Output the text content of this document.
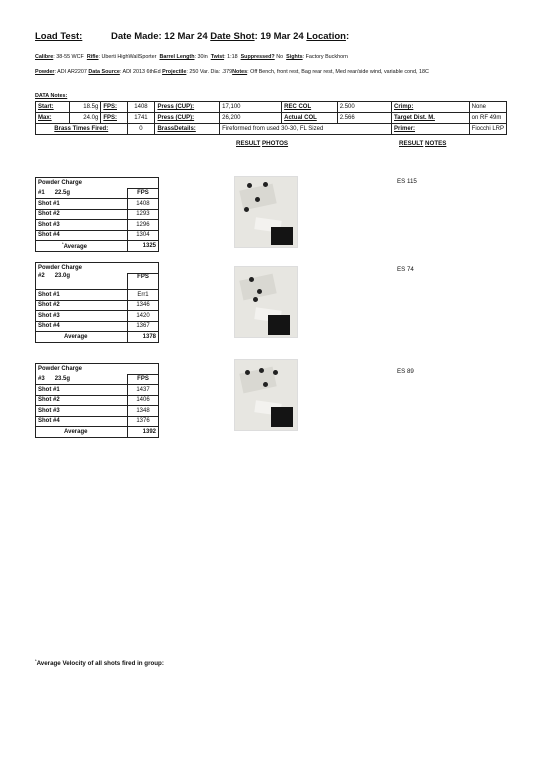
Load Test:	Date Made: 12 Mar 24 Date Shot: 19 Mar 24 Location:
Calibre: 38-55 WCF Rifle: Uberti HighWallSporter Barrel Length: 30in Twist: 1:18 Suppressed? No Sights: Factory Buckhorn
Powder: ADI AR2207 Data Source: ADI 2013 6thEd Projectile: 250 Var. Dia: .379Notes: Off Bench, front rest, Bag rear rest, Med rear/side wind, variable cond, 18C
DATA Notes:
Start:	18.5g	FPS:	1408	Press (CUP):	17,100	REC COL	2.500	Crimp:	None
Max:	24.0g	FPS:	1741	Press (CUP):	26,200	Actual COL	2.566	Target Dist. M.	on RF 49m
Brass Times Fired:			0	BrassDetails:	Fireformed from used 30-30, FL Sized			Primer:	Fiocchi LRP
RESULT PHOTOS	RESULT NOTES
Powder Charge	
#1 22.5g	FPS
Shot #1	1408
Shot #2	1293
Shot #3	1296
Shot #4	1304
*Average	1325
ES 115
Powder Charge	
#2 23.0g	FPS
Shot #1	Err1
Shot #2	1346
Shot #3	1420
Shot #4	1367
Average	1378
ES 74
Powder Charge	
#3 23.5g	FPS
Shot #1	1437
Shot #2	1406
Shot #3	1348
Shot #4	1376
Average	1392
ES 89
*Average Velocity of all shots fired in group:
